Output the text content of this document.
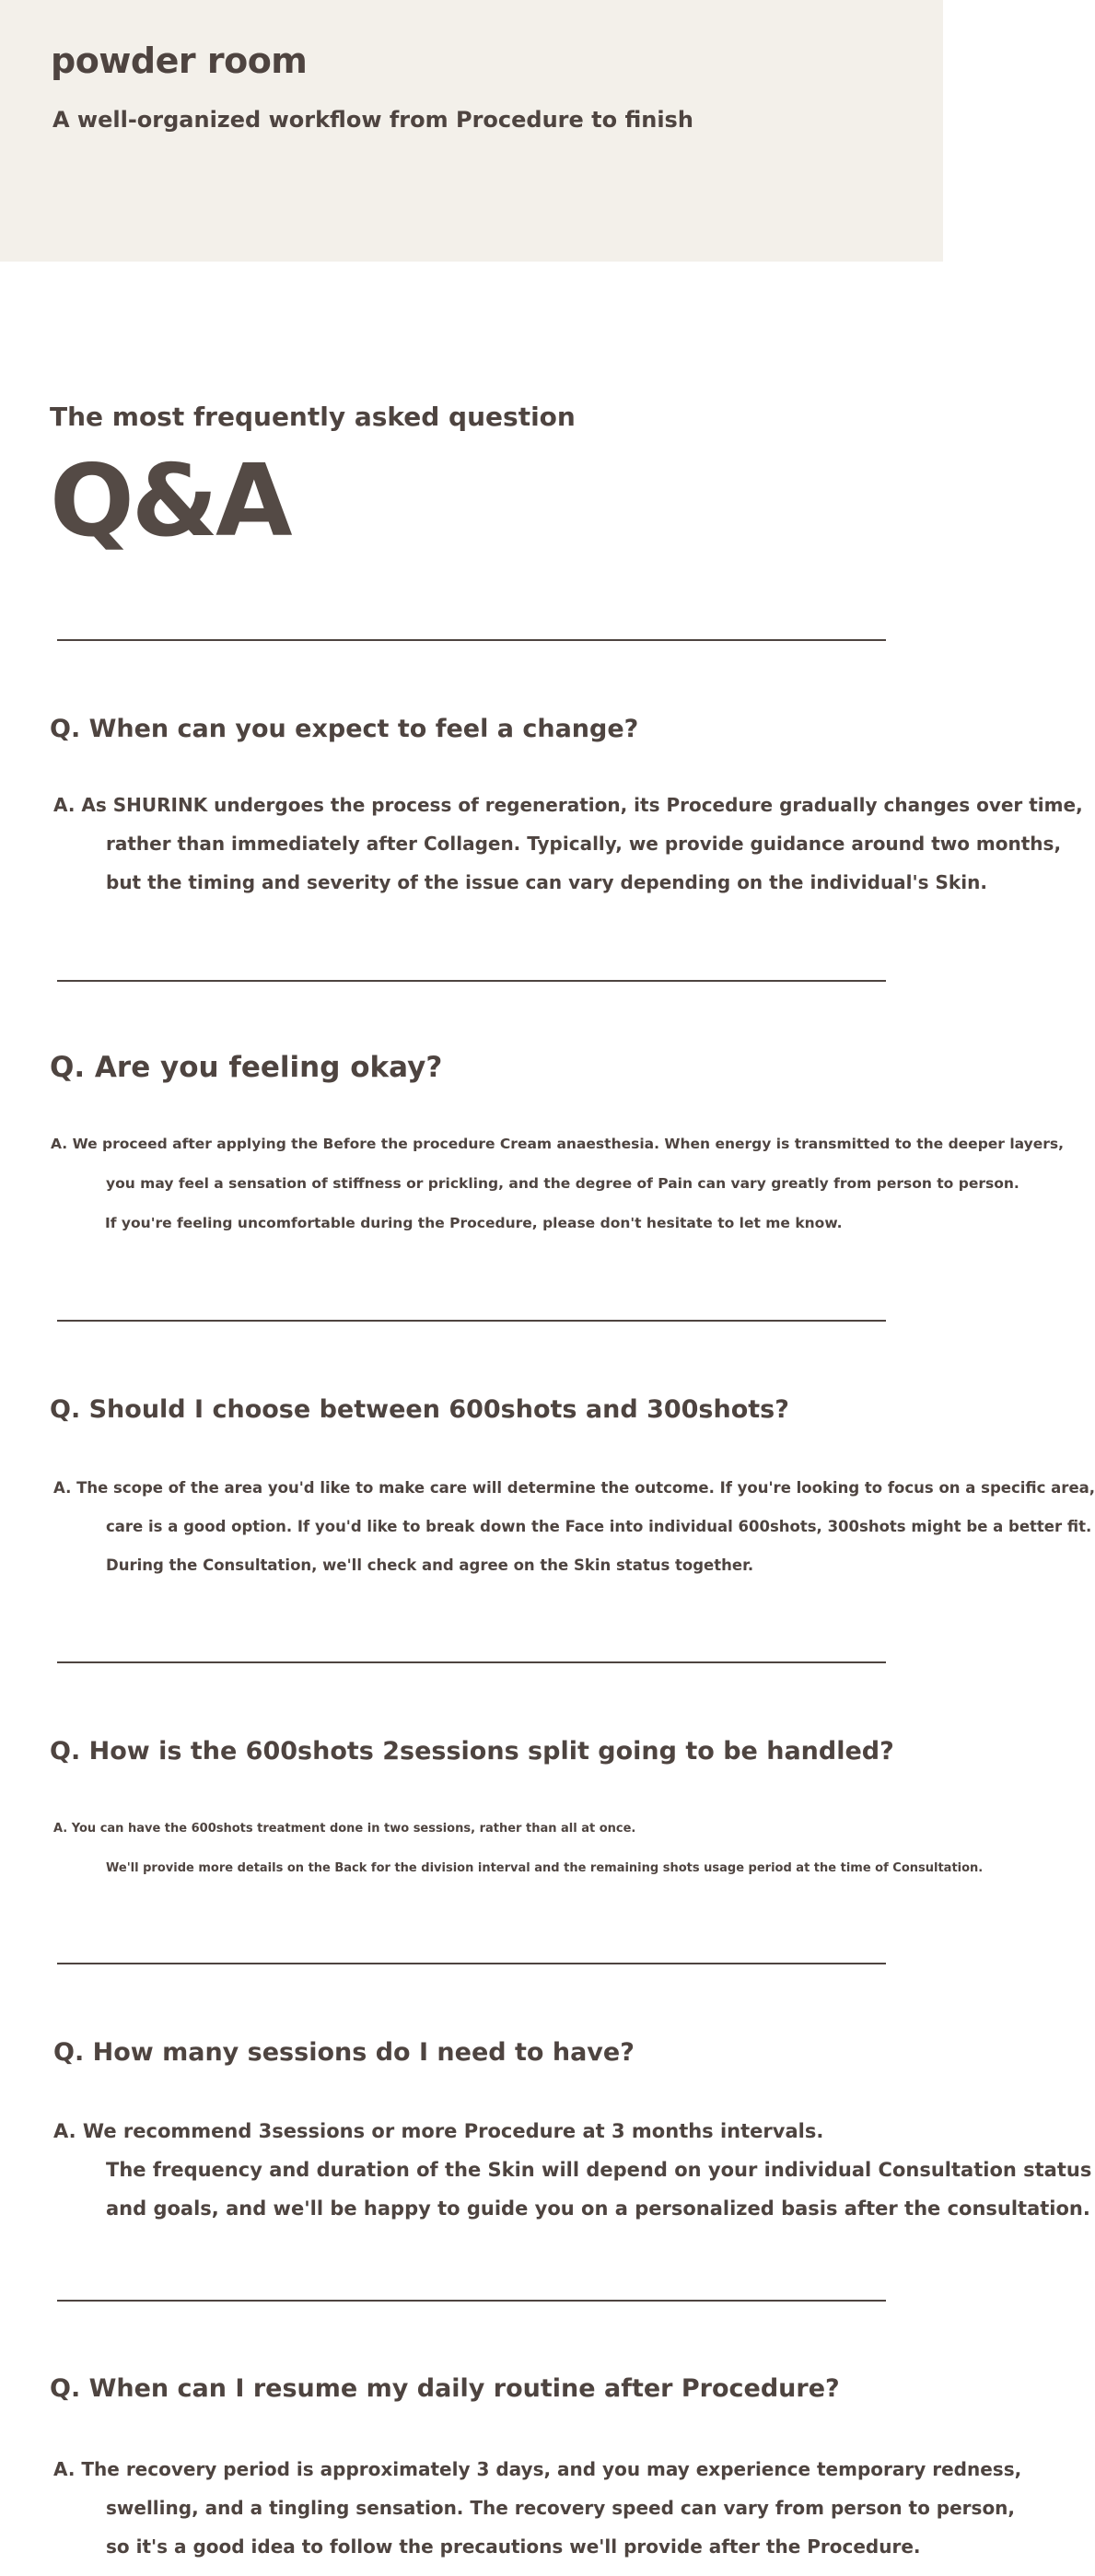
powder room

A well-organized workflow from Procedure to finish

The most frequently asked question
Q&A
Q. When can you expect to feel a change?
A. As SHURINK undergoes the process of regeneration, its Procedure gradually changes over time,
rather than immediately after Collagen. Typically, we provide guidance around two months,
but the timing and severity of the issue can vary depending on the individual's Skin.
Q. Are you feeling okay?
A. We proceed after applying the Before the procedure Cream anaesthesia. When energy is transmitted to the deeper layers,
you may feel a sensation of stiffness or prickling, and the degree of Pain can vary greatly from person to person.
If you're feeling uncomfortable during the Procedure, please don't hesitate to let me know.
Q. Should I choose between 600shots and 300shots?
A. The scope of the area you'd like to make care will determine the outcome. If you're looking to focus on a specific area,
care is a good option. If you'd like to break down the Face into individual 600shots, 300shots might be a better fit.
During the Consultation, we'll check and agree on the Skin status together.
Q. How is the 600shots 2sessions split going to be handled?
A. You can have the 600shots treatment done in two sessions, rather than all at once.
We'll provide more details on the Back for the division interval and the remaining shots usage period at the time of Consultation.
Q. How many sessions do I need to have?
A. We recommend 3sessions or more Procedure at 3 months intervals.
The frequency and duration of the Skin will depend on your individual Consultation status
and goals, and we'll be happy to guide you on a personalized basis after the consultation.
Q. When can I resume my daily routine after Procedure?
A. The recovery period is approximately 3 days, and you may experience temporary redness,
swelling, and a tingling sensation. The recovery speed can vary from person to person,
so it's a good idea to follow the precautions we'll provide after the Procedure.
